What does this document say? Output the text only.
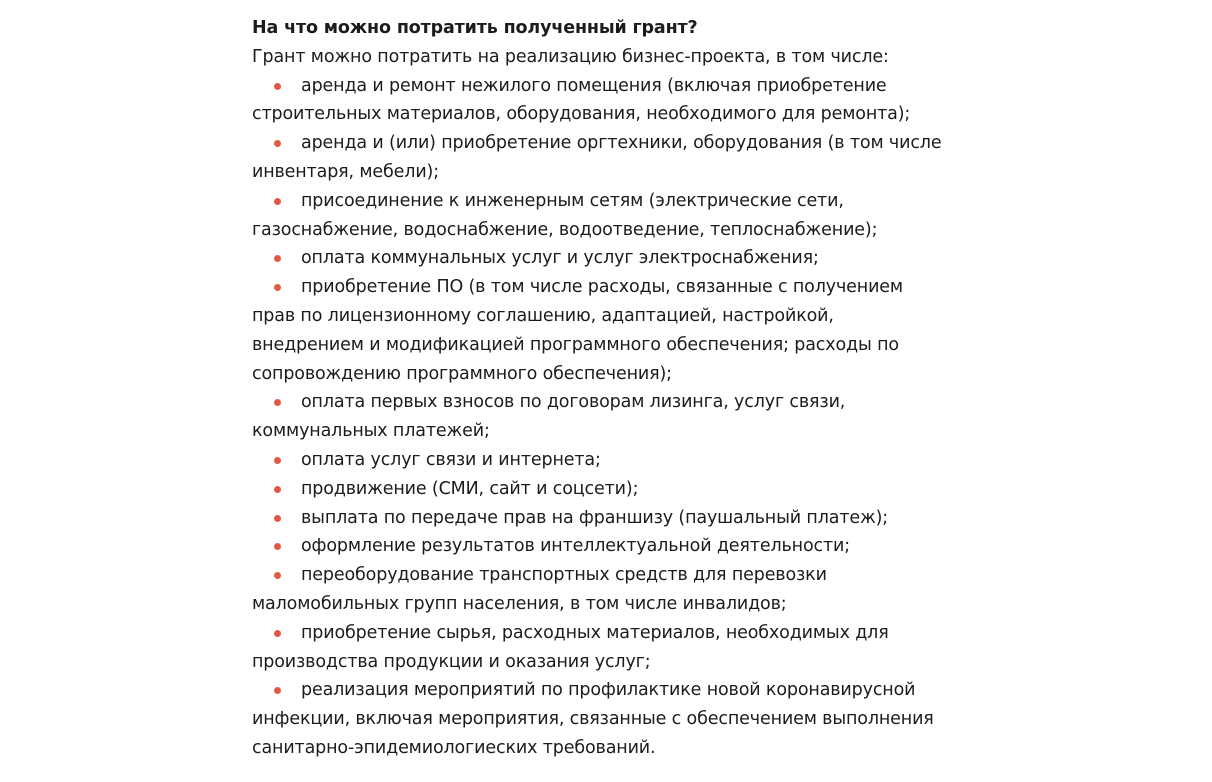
На что можно потратить полученный грант?

Грант можно потратить на реализацию бизнес-проекта, в том числе:

аренда и ремонт нежилого помещения (включая приобретение строительных материалов, оборудования, необходимого для ремонта);
аренда и (или) приобретение оргтехники, оборудования (в том числе инвентаря, мебели);
присоединение к инженерным сетям (электрические сети, газоснабжение, водоснабжение, водоотведение, теплоснабжение);
оплата коммунальных услуг и услуг электроснабжения;
приобретение ПО (в том числе расходы, связанные с получением прав по лицензионному соглашению, адаптацией, настройкой, внедрением и модификацией программного обеспечения; расходы по сопровождению программного обеспечения);
оплата первых взносов по договорам лизинга, услуг связи, коммунальных платежей;
оплата услуг связи и интернета;
продвижение (СМИ, сайт и соцсети);
выплата по передаче прав на франшизу (паушальный платеж);
оформление результатов интеллектуальной деятельности;
переоборудование транспортных средств для перевозки маломобильных групп населения, в том числе инвалидов;
приобретение сырья, расходных материалов, необходимых для производства продукции и оказания услуг;
реализация мероприятий по профилактике новой коронавирусной инфекции, включая мероприятия, связанные с обеспечением выполнения санитарно-эпидемиологиеских требований.
